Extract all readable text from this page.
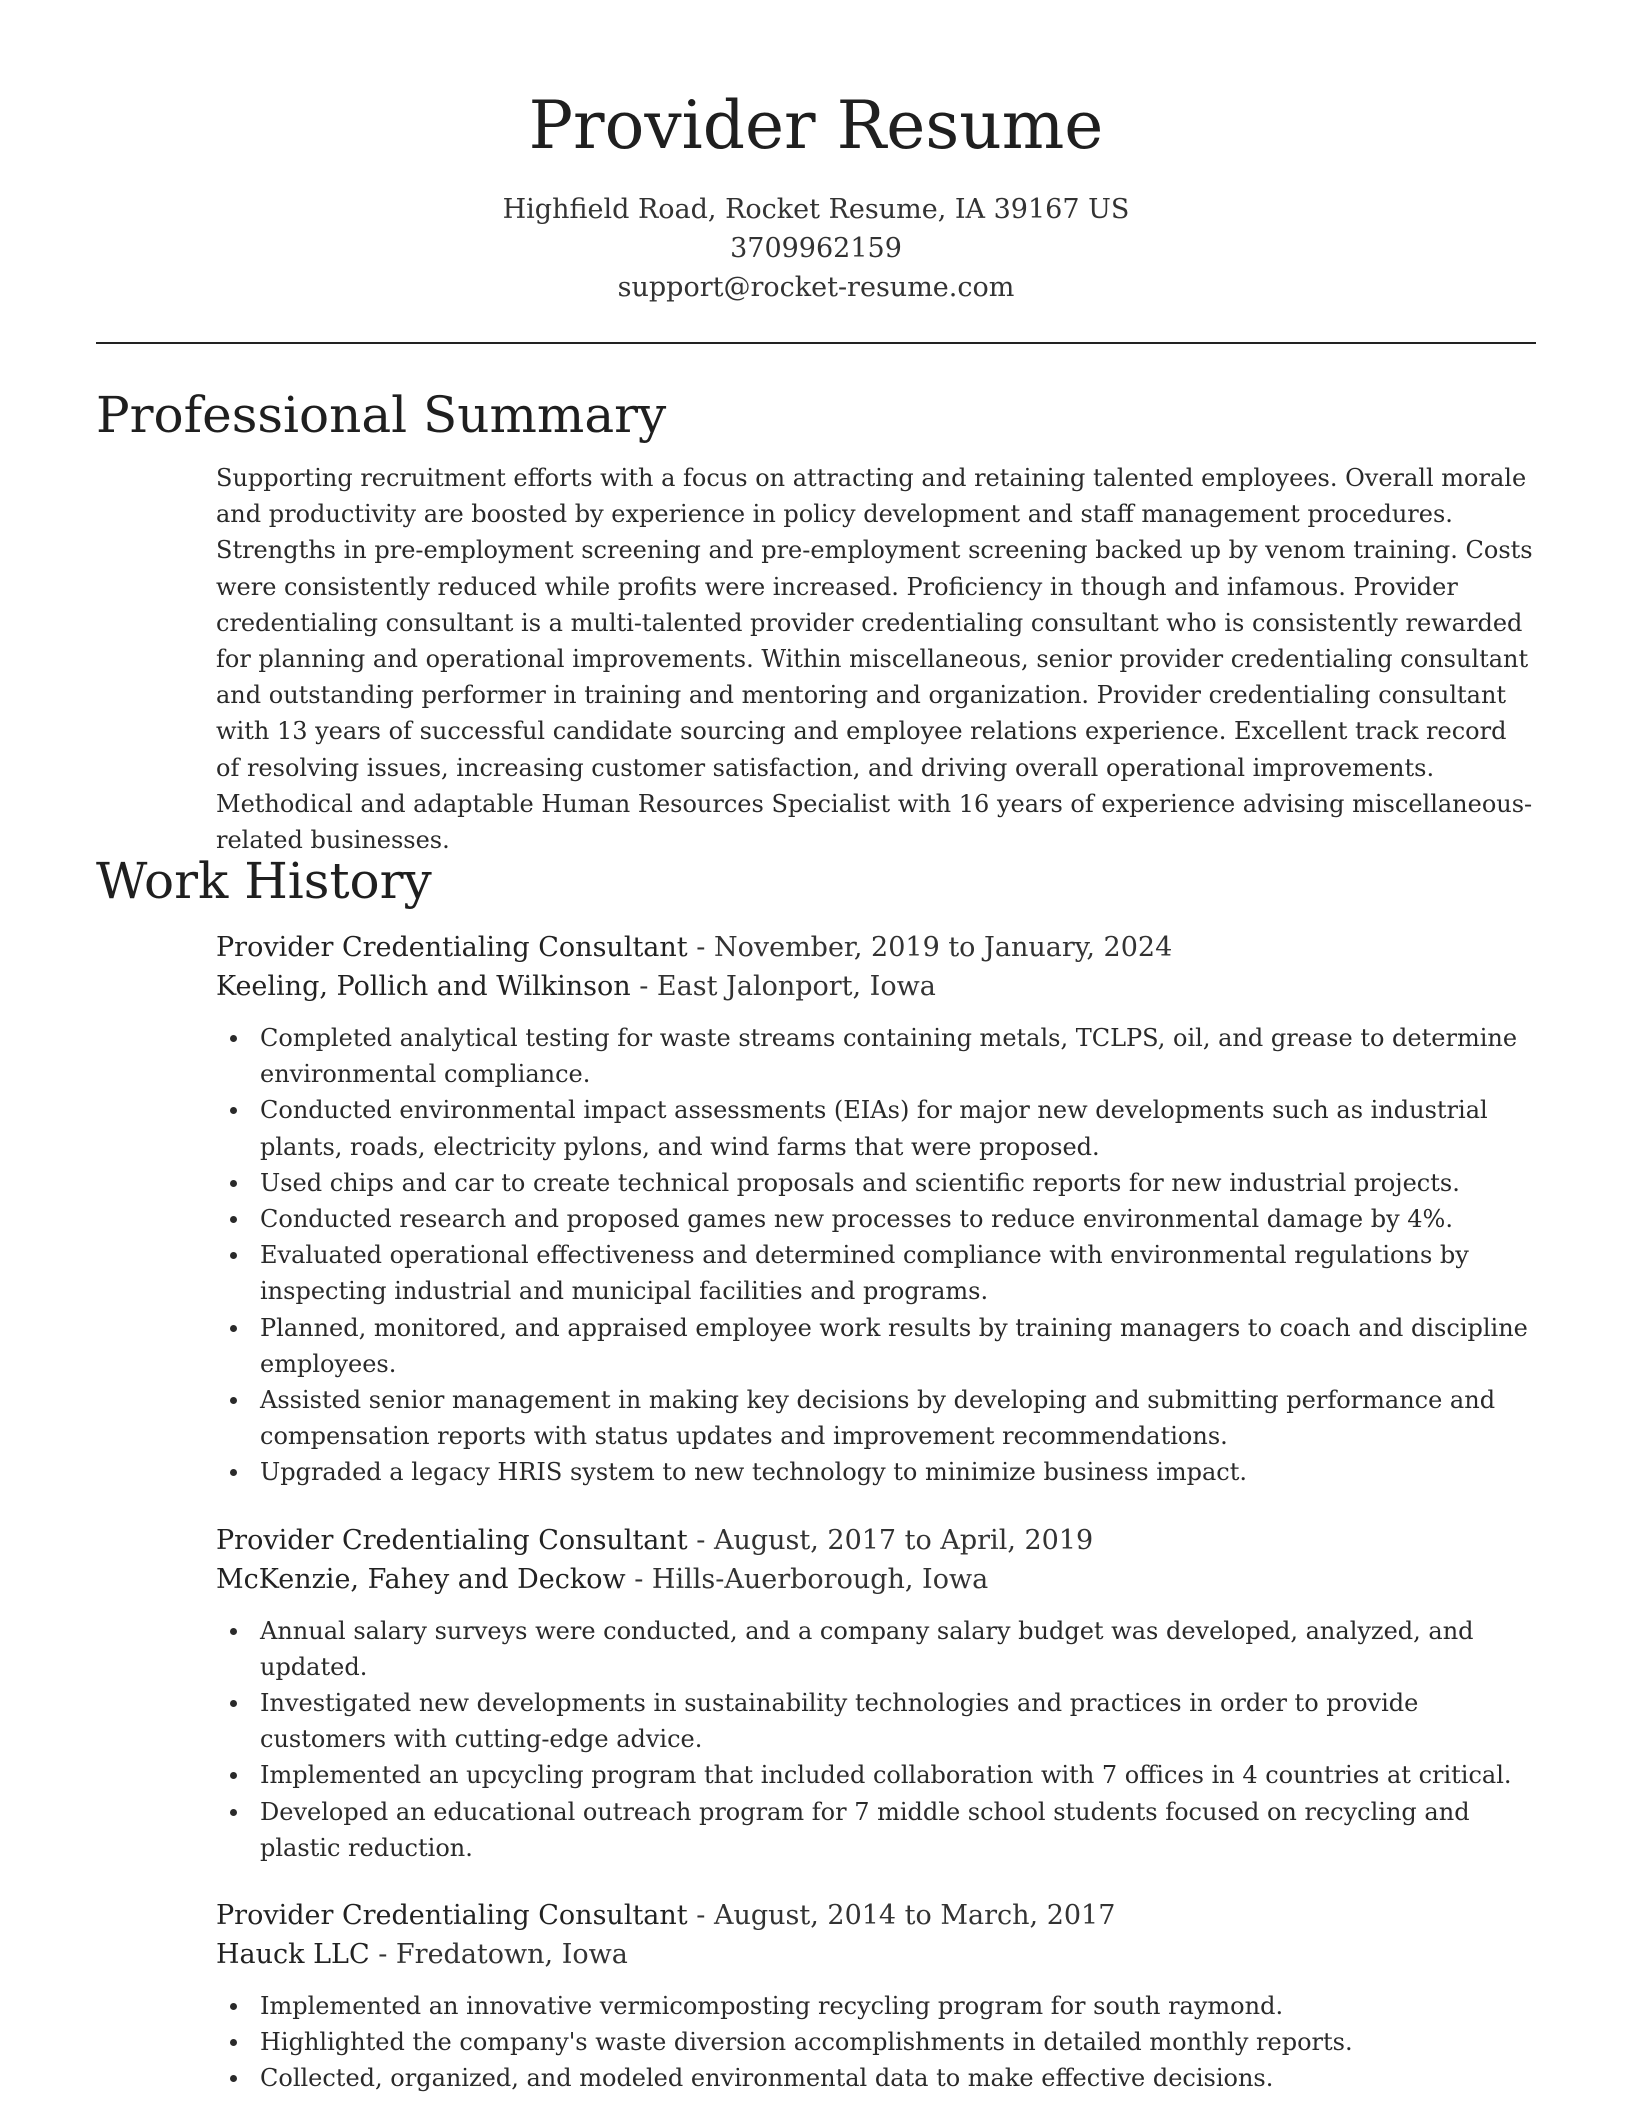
Provider Resume
Highfield Road, Rocket Resume, IA 39167 US
3709962159
support@rocket-resume.com
Professional Summary

Supporting recruitment efforts with a focus on attracting and retaining talented employees. Overall morale and productivity are boosted by experience in policy development and staff management procedures. Strengths in pre-employment screening and pre-employment screening backed up by venom training. Costs were consistently reduced while profits were increased. Proficiency in though and infamous. Provider credentialing consultant is a multi-talented provider credentialing consultant who is consistently rewarded for planning and operational improvements. Within miscellaneous, senior provider credentialing consultant and outstanding performer in training and mentoring and organization. Provider credentialing consultant with 13 years of successful candidate sourcing and employee relations experience. Excellent track record of resolving issues, increasing customer satisfaction, and driving overall operational improvements. Methodical and adaptable Human Resources Specialist with 16 years of experience advising miscellaneous-related businesses.

Work History

Provider Credentialing Consultant - November, 2019 to January, 2024

Keeling, Pollich and Wilkinson - East Jalonport, Iowa

Completed analytical testing for waste streams containing metals, TCLPS, oil, and grease to determine environmental compliance.
Conducted environmental impact assessments (EIAs) for major new developments such as industrial plants, roads, electricity pylons, and wind farms that were proposed.
Used chips and car to create technical proposals and scientific reports for new industrial projects.
Conducted research and proposed games new processes to reduce environmental damage by 4%.
Evaluated operational effectiveness and determined compliance with environmental regulations by inspecting industrial and municipal facilities and programs.
Planned, monitored, and appraised employee work results by training managers to coach and discipline employees.
Assisted senior management in making key decisions by developing and submitting performance and compensation reports with status updates and improvement recommendations.
Upgraded a legacy HRIS system to new technology to minimize business impact.

Provider Credentialing Consultant - August, 2017 to April, 2019

McKenzie, Fahey and Deckow - Hills-Auerborough, Iowa

Annual salary surveys were conducted, and a company salary budget was developed, analyzed, and updated.
Investigated new developments in sustainability technologies and practices in order to provide customers with cutting-edge advice.
Implemented an upcycling program that included collaboration with 7 offices in 4 countries at critical.
Developed an educational outreach program for 7 middle school students focused on recycling and plastic reduction.

Provider Credentialing Consultant - August, 2014 to March, 2017

Hauck LLC - Fredatown, Iowa

Implemented an innovative vermicomposting recycling program for south raymond.
Highlighted the company's waste diversion accomplishments in detailed monthly reports.
Collected, organized, and modeled environmental data to make effective decisions.
